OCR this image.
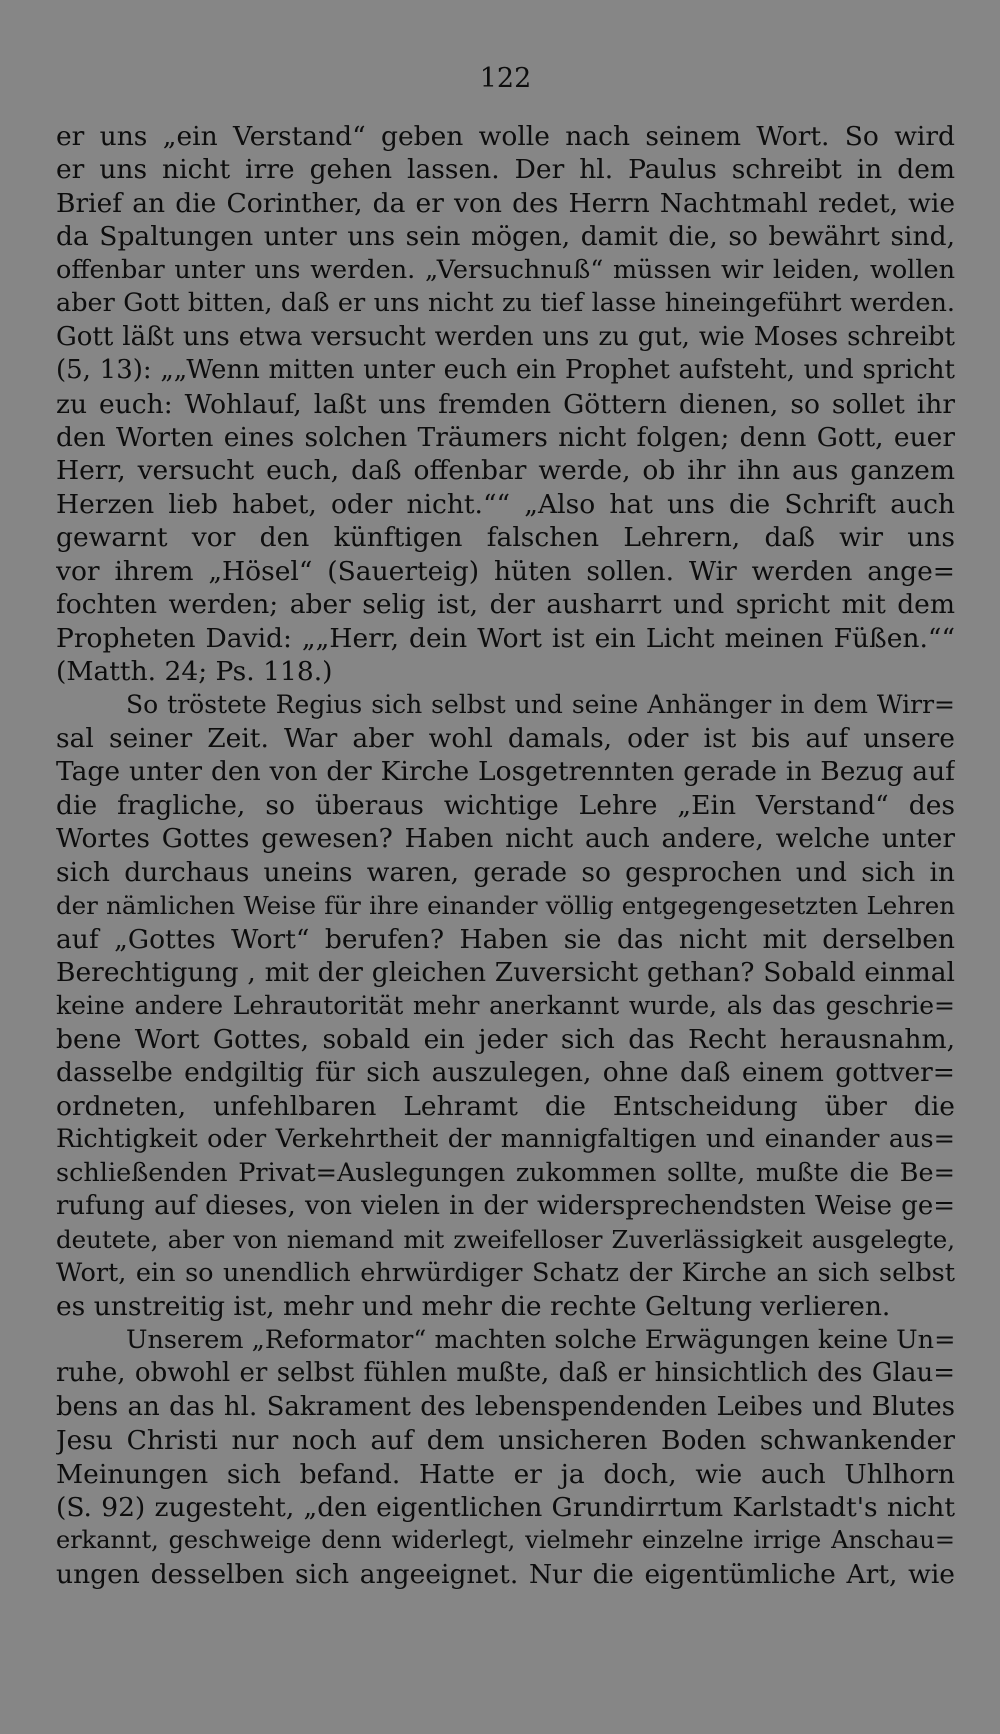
122
er uns „ein Verstand“ geben wolle nach seinem Wort. So wird
er uns nicht irre gehen lassen. Der hl. Paulus schreibt in dem
Brief an die Corinther, da er von des Herrn Nachtmahl redet, wie
da Spaltungen unter uns sein mögen, damit die, so bewährt sind,
offenbar unter uns werden. „Versuchnuß“ müssen wir leiden, wollen
aber Gott bitten, daß er uns nicht zu tief lasse hineingeführt werden.
Gott läßt uns etwa versucht werden uns zu gut, wie Moses schreibt
(5, 13): „„Wenn mitten unter euch ein Prophet aufsteht, und spricht
zu euch: Wohlauf, laßt uns fremden Göttern dienen, so sollet ihr
den Worten eines solchen Träumers nicht folgen; denn Gott, euer
Herr, versucht euch, daß offenbar werde, ob ihr ihn aus ganzem
Herzen lieb habet, oder nicht.““ „Also hat uns die Schrift auch
gewarnt vor den künftigen falschen Lehrern, daß wir uns
vor ihrem „Hösel“ (Sauerteig) hüten sollen. Wir werden ange=
fochten werden; aber selig ist, der ausharrt und spricht mit dem
Propheten David: „„Herr, dein Wort ist ein Licht meinen Füßen.““
(Matth. 24; Ps. 118.)
So tröstete Regius sich selbst und seine Anhänger in dem Wirr=
sal seiner Zeit. War aber wohl damals, oder ist bis auf unsere
Tage unter den von der Kirche Losgetrennten gerade in Bezug auf
die fragliche, so überaus wichtige Lehre „Ein Verstand“ des
Wortes Gottes gewesen? Haben nicht auch andere, welche unter
sich durchaus uneins waren, gerade so gesprochen und sich in
der nämlichen Weise für ihre einander völlig entgegengesetzten Lehren
auf „Gottes Wort“ berufen? Haben sie das nicht mit derselben
Berechtigung , mit der gleichen Zuversicht gethan? Sobald einmal
keine andere Lehrautorität mehr anerkannt wurde, als das geschrie=
bene Wort Gottes, sobald ein jeder sich das Recht herausnahm,
dasselbe endgiltig für sich auszulegen, ohne daß einem gottver=
ordneten, unfehlbaren Lehramt die Entscheidung über die
Richtigkeit oder Verkehrtheit der mannigfaltigen und einander aus=
schließenden Privat=Auslegungen zukommen sollte, mußte die Be=
rufung auf dieses, von vielen in der widersprechendsten Weise ge=
deutete, aber von niemand mit zweifelloser Zuverlässigkeit ausgelegte,
Wort, ein so unendlich ehrwürdiger Schatz der Kirche an sich selbst
es unstreitig ist, mehr und mehr die rechte Geltung verlieren.
Unserem „Reformator“ machten solche Erwägungen keine Un=
ruhe, obwohl er selbst fühlen mußte, daß er hinsichtlich des Glau=
bens an das hl. Sakrament des lebenspendenden Leibes und Blutes
Jesu Christi nur noch auf dem unsicheren Boden schwankender
Meinungen sich befand. Hatte er ja doch, wie auch Uhlhorn
(S. 92) zugesteht, „den eigentlichen Grundirrtum Karlstadt's nicht
erkannt, geschweige denn widerlegt, vielmehr einzelne irrige Anschau=
ungen desselben sich angeeignet. Nur die eigentümliche Art, wie
